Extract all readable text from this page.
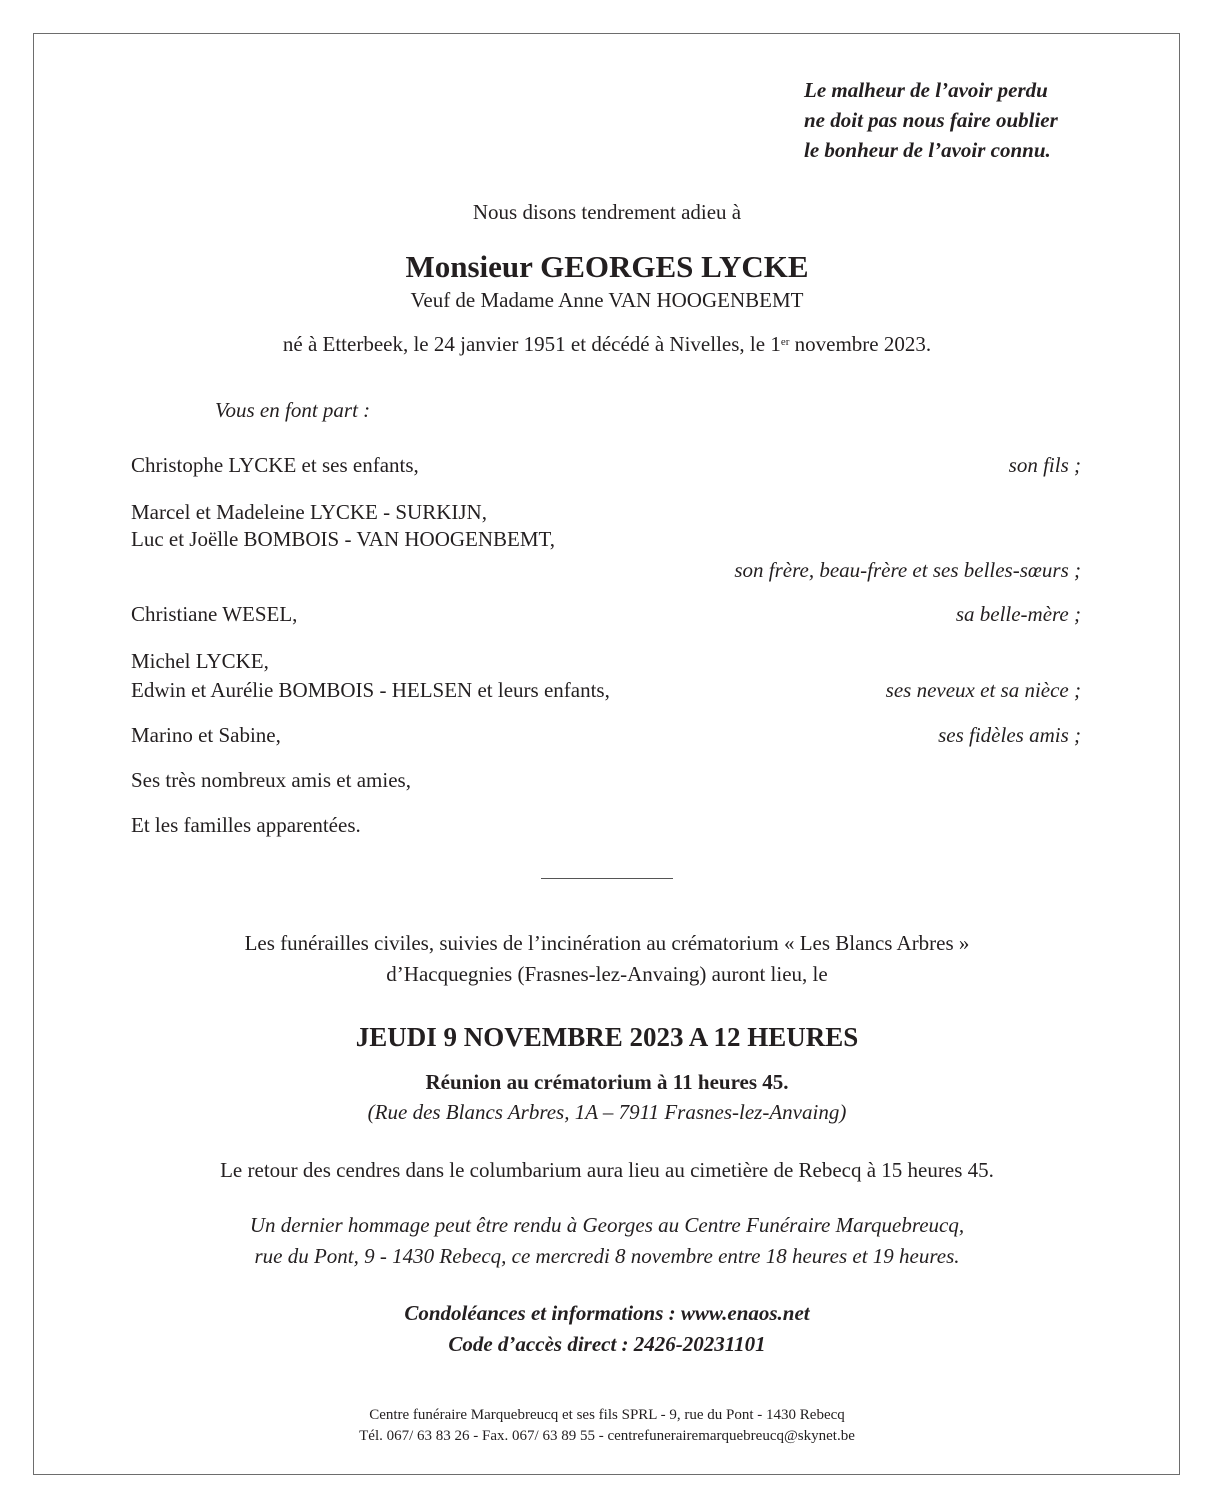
Le malheur de l’avoir perdu
ne doit pas nous faire oublier
le bonheur de l’avoir connu.
Nous disons tendrement adieu à
Monsieur GEORGES LYCKE
Veuf de Madame Anne VAN HOOGENBEMT
né à Etterbeek, le 24 janvier 1951 et décédé à Nivelles, le 1er novembre 2023.
Vous en font part :
Christophe LYCKE et ses enfants,	son fils ;
Marcel et Madeleine LYCKE - SURKIJN,
Luc et Joëlle BOMBOIS - VAN HOOGENBEMT,
son frère, beau-frère et ses belles-sœurs ;
Christiane WESEL,	sa belle-mère ;
Michel LYCKE,
Edwin et Aurélie BOMBOIS - HELSEN et leurs enfants,	ses neveux et sa nièce ;
Marino et Sabine,	ses fidèles amis ;
Ses très nombreux amis et amies,
Et les familles apparentées.
Les funérailles civiles, suivies de l’incinération au crématorium « Les Blancs Arbres »
d’Hacquegnies (Frasnes-lez-Anvaing) auront lieu, le
JEUDI 9 NOVEMBRE 2023 A 12 HEURES
Réunion au crématorium à 11 heures 45.
(Rue des Blancs Arbres, 1A – 7911 Frasnes-lez-Anvaing)
Le retour des cendres dans le columbarium aura lieu au cimetière de Rebecq à 15 heures 45.
Un dernier hommage peut être rendu à Georges au Centre Funéraire Marquebreucq,
rue du Pont, 9 - 1430 Rebecq, ce mercredi 8 novembre entre 18 heures et 19 heures.
Condoléances et informations : www.enaos.net
Code d’accès direct : 2426-20231101
Centre funéraire Marquebreucq et ses fils SPRL - 9, rue du Pont - 1430 Rebecq
Tél. 067/ 63 83 26 - Fax. 067/ 63 89 55 - centrefunerairemarquebreucq@skynet.be
